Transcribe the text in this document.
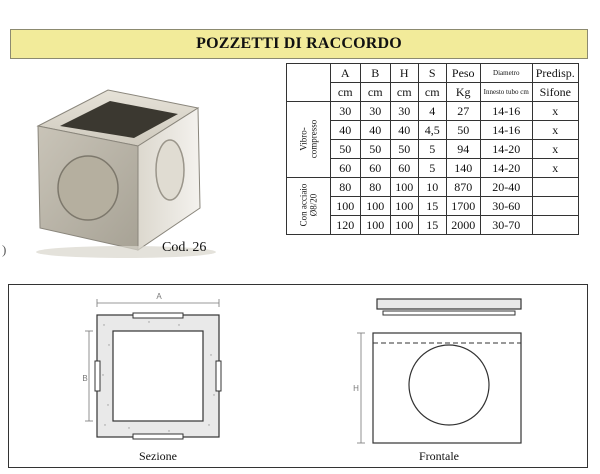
POZZETTI DI RACCORDO
Cod. 26
)
	A	B	H	S	Peso	Diametro	Predisp.
	cm	cm	cm	cm	Kg	Innesto tubo cm	Sifone

Vibro- compresso	30	30	30	4	27	14-16	x
	40	40	40	4,5	50	14-16	x
	50	50	50	5	94	14-20	x
	60	60	60	5	140	14-20	x

Con acciaio Ø8/20	80	80	100	10	870	20-40	
	100	100	100	15	1700	30-60	
	120	100	100	15	2000	30-70	
A
B
H
Sezione	Frontale
